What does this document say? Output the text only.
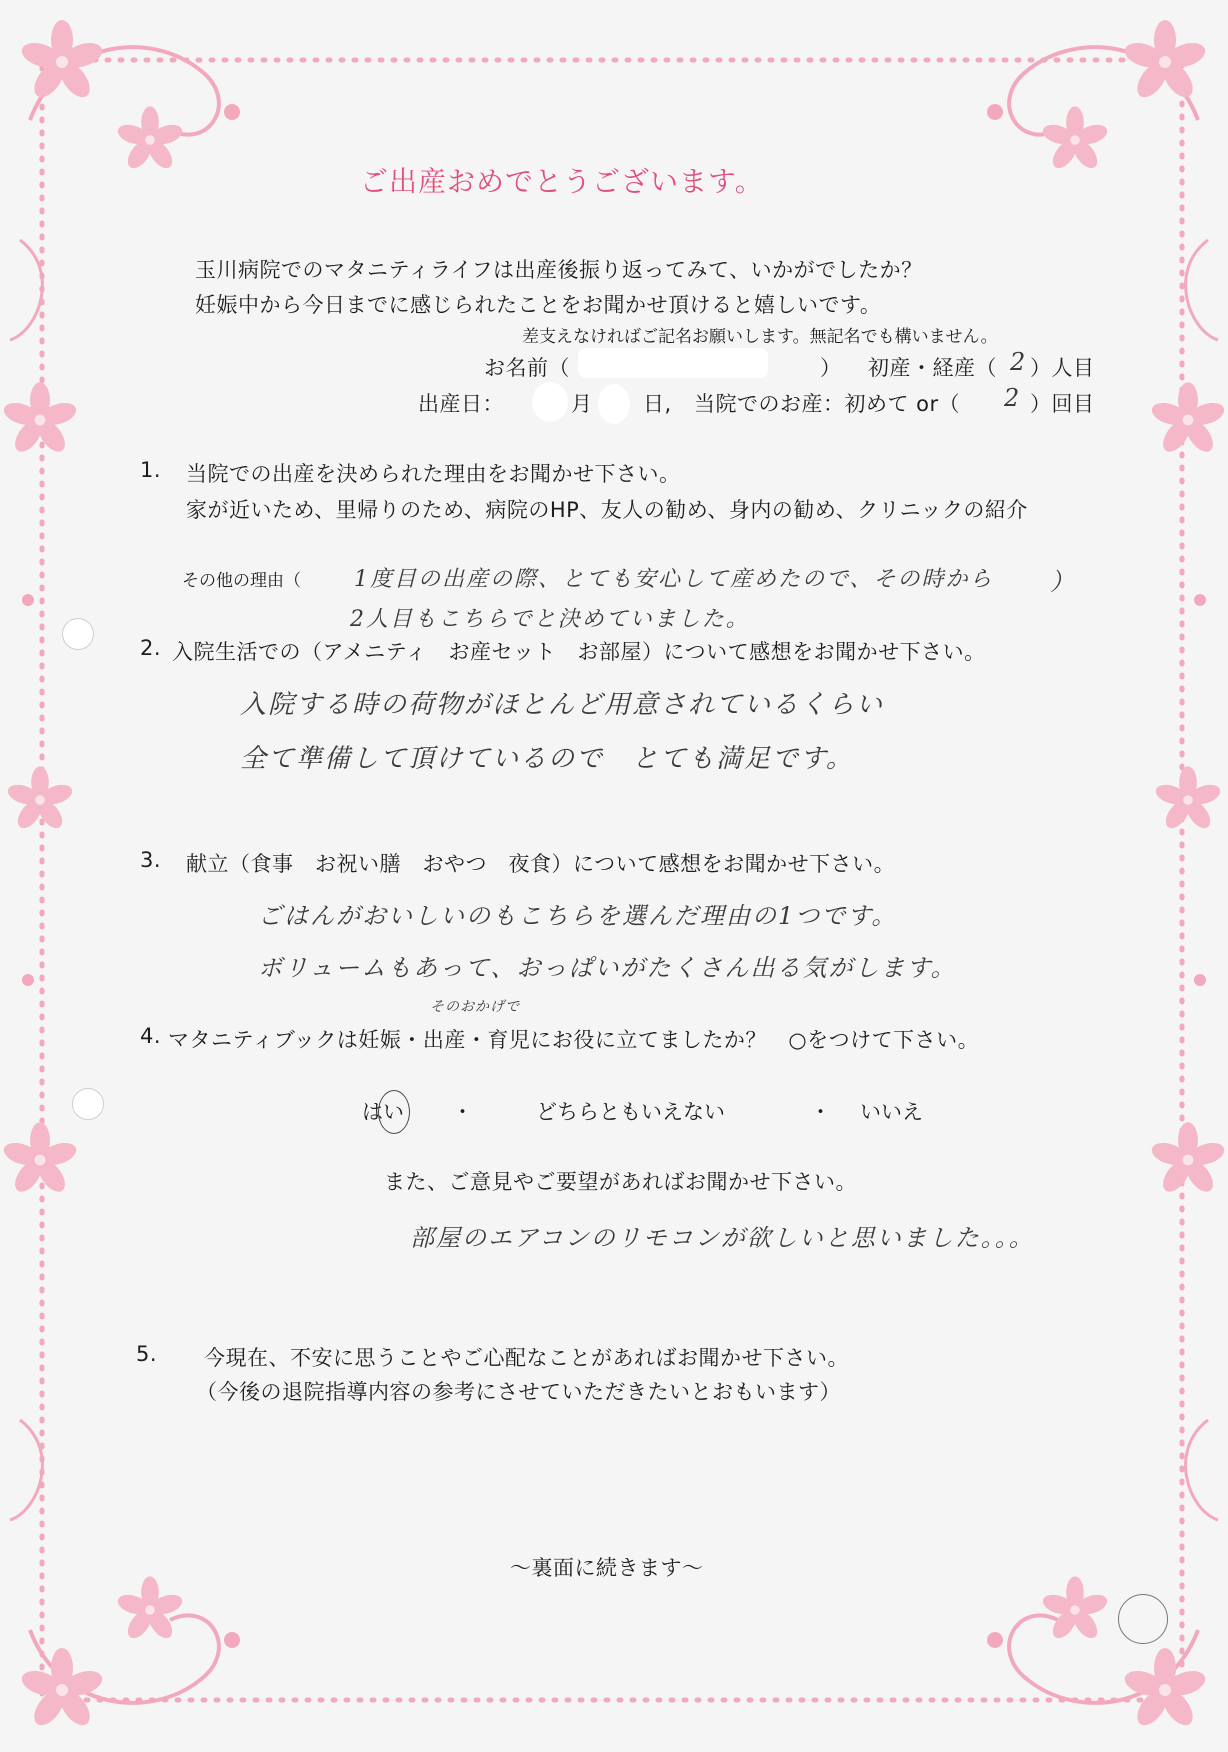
ご出産おめでとうございます。
玉川病院でのマタニティライフは出産後振り返ってみて、いかがでしたか？
妊娠中から今日までに感じられたことをお聞かせ頂けると嬉しいです。
差支えなければご記名お願いします。無記名でも構いません。
お名前（	） 初産・経産（ 2 ）人目
出産日：	月 日, 当院でのお産：初めて or（ 2 ）回目
1. 当院での出産を決められた理由をお聞かせ下さい。
家が近いため、里帰りのため、病院のHP、友人の勧め、身内の勧め、クリニックの紹介
その他の理由（ 1度目の出産の際、とても安心して産めたので、その時から ）
2人目もこちらでと決めていました。
2. 入院生活での（アメニティ　お産セット　お部屋）について感想をお聞かせ下さい。
入院する時の荷物がほとんど用意されているくらい
全て準備して頂けているので　とても満足です。
3. 献立（食事　お祝い膳　おやつ　夜食）について感想をお聞かせ下さい。
ごはんがおいしいのもこちらを選んだ理由の1つです。
ボリュームもあって、おっぱいがたくさん出る気がします。
そのおかげで
4. マタニティブックは妊娠・出産・育児にお役に立てましたか？　○をつけて下さい。
はい ・	どちらともいえない	・ いいえ
また、ご意見やご要望があればお聞かせ下さい。
部屋のエアコンのリモコンが欲しいと思いました。。。
5. 今現在、不安に思うことやご心配なことがあればお聞かせ下さい。
（今後の退院指導内容の参考にさせていただきたいとおもいます）
〜裏面に続きます〜
